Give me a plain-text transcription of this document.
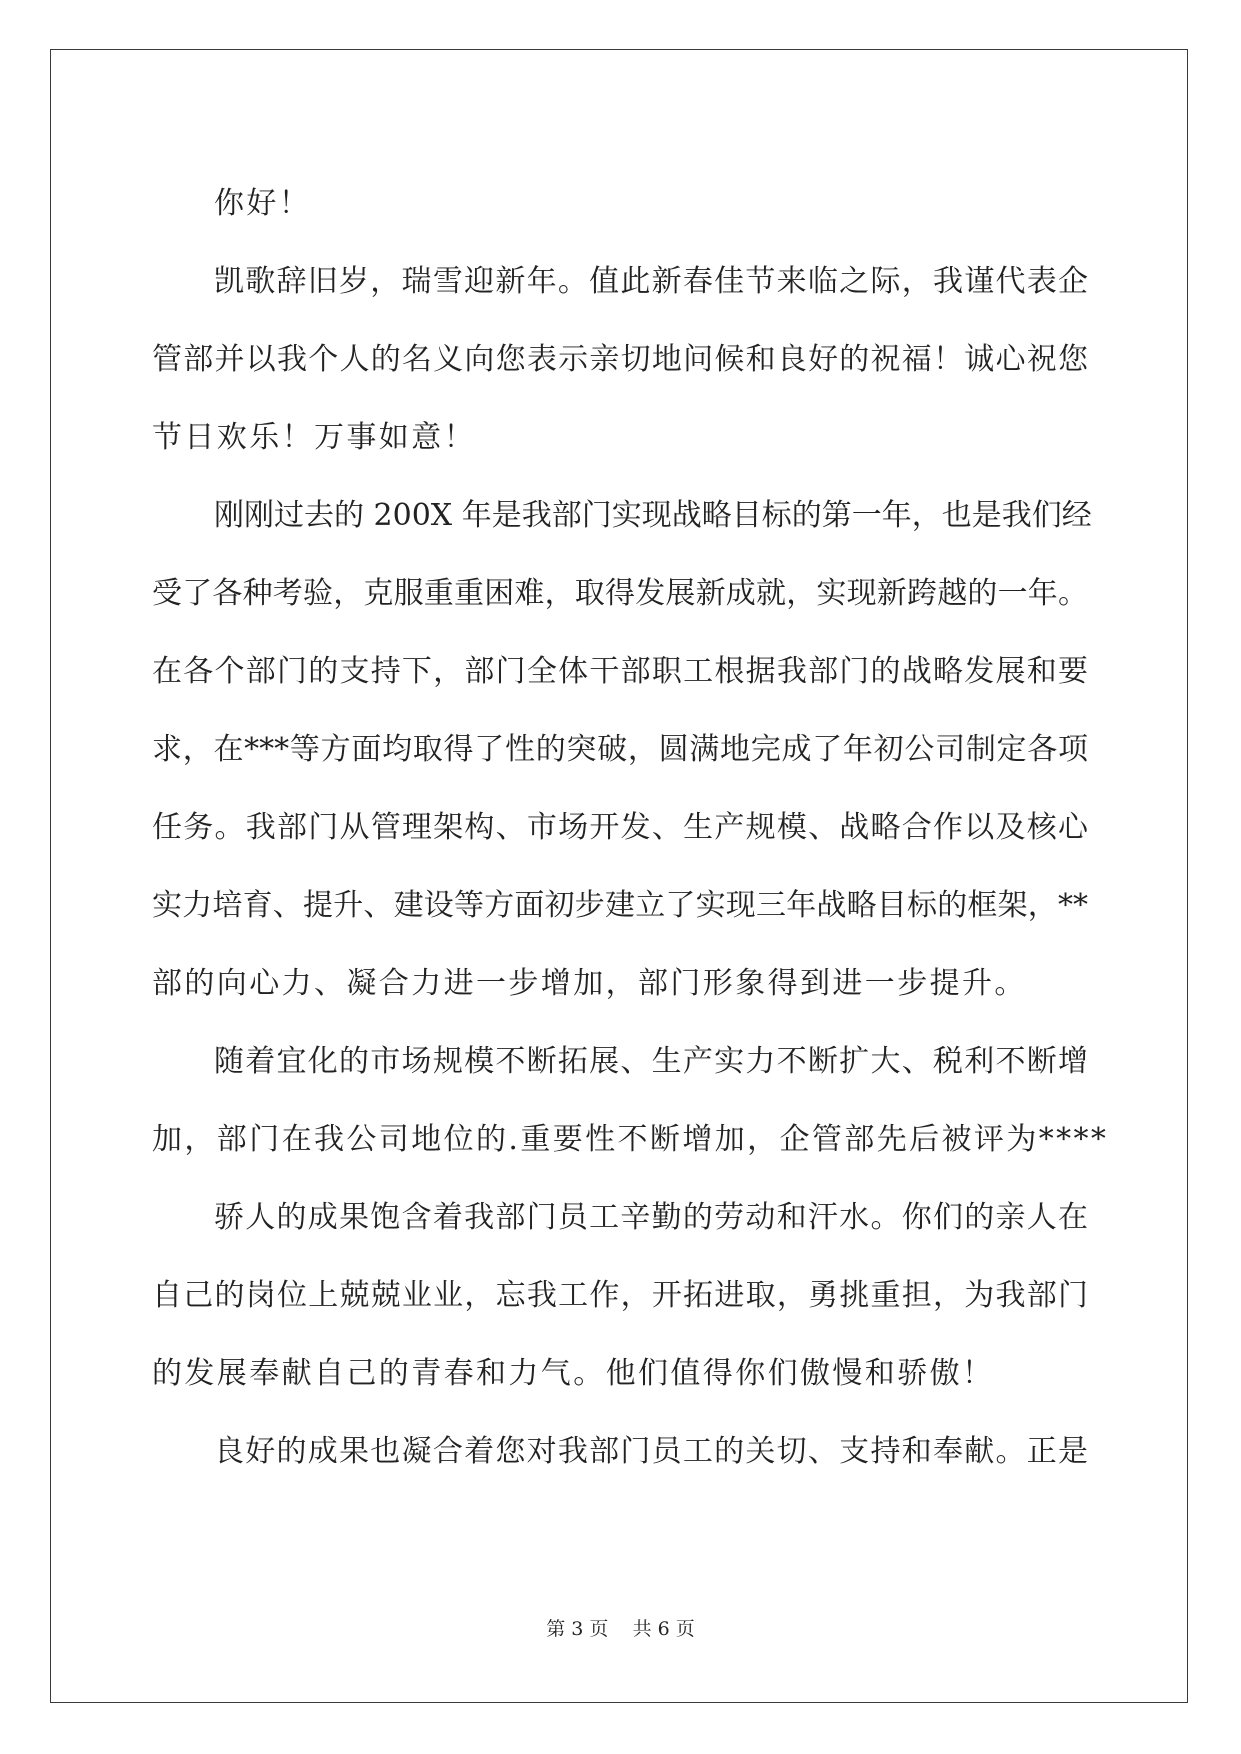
你好！

凯歌辞旧岁，瑞雪迎新年。值此新春佳节来临之际，我谨代表企

管部并以我个人的名义向您表示亲切地问候和良好的祝福！诚心祝您

节日欢乐！万事如意！

刚刚过去的 200X 年是我部门实现战略目标的第一年，也是我们经

受了各种考验，克服重重困难，取得发展新成就，实现新跨越的一年。

在各个部门的支持下，部门全体干部职工根据我部门的战略发展和要

求，在***等方面均取得了性的突破，圆满地完成了年初公司制定各项

任务。我部门从管理架构、市场开发、生产规模、战略合作以及核心

实力培育、提升、建设等方面初步建立了实现三年战略目标的框架，**

部的向心力、凝合力进一步增加，部门形象得到进一步提升。

随着宜化的市场规模不断拓展、生产实力不断扩大、税利不断增

加，部门在我公司地位的.重要性不断增加，企管部先后被评为****

骄人的成果饱含着我部门员工辛勤的劳动和汗水。你们的亲人在

自己的岗位上兢兢业业，忘我工作，开拓进取，勇挑重担，为我部门

的发展奉献自己的青春和力气。他们值得你们傲慢和骄傲！

良好的成果也凝合着您对我部门员工的关切、支持和奉献。正是

第 3 页    共 6 页
